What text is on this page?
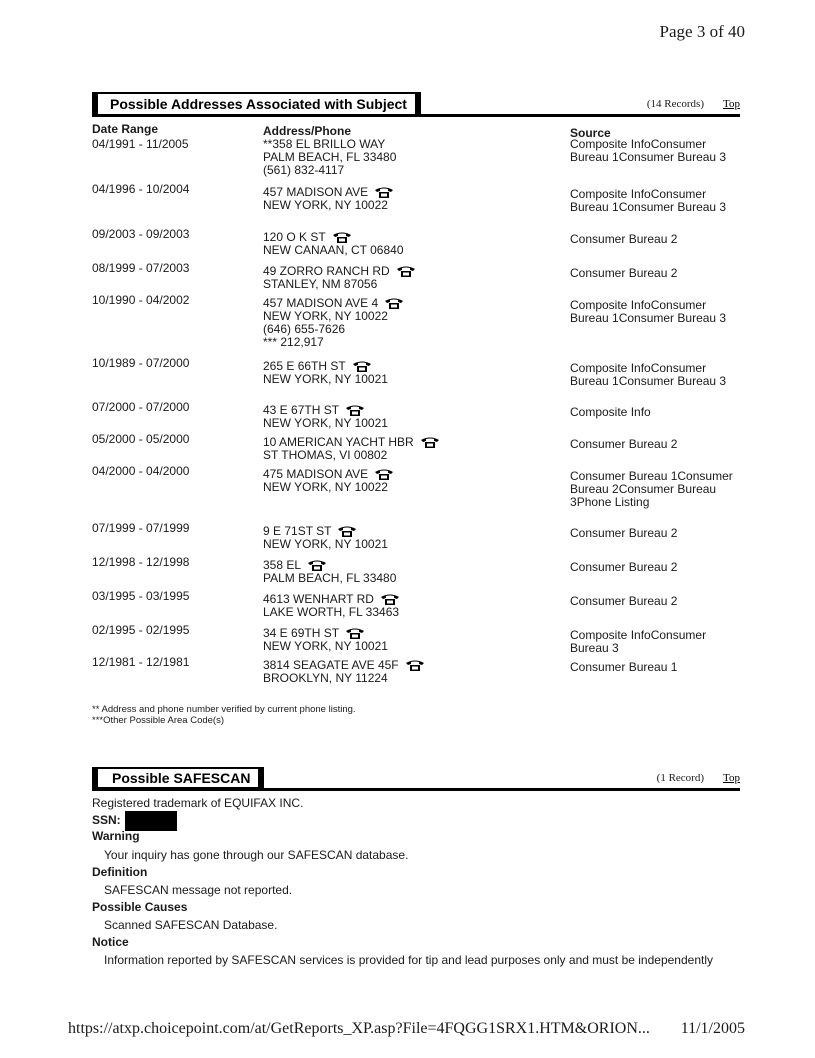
Page 3 of 40
Possible Addresses Associated with Subject	(14 Records) Top
Date Range	Address/Phone	Source
04/1991 - 11/2005	**358 EL BRILLO WAY
PALM BEACH, FL 33480
(561) 832-4117
Composite InfoConsumer Bureau 1Consumer Bureau 3
04/1996 - 10/2004	457 MADISON AVE
NEW YORK, NY 10022
Composite InfoConsumer Bureau 1Consumer Bureau 3
09/2003 - 09/2003	120 O K ST
NEW CANAAN, CT 06840
Consumer Bureau 2
08/1999 - 07/2003	49 ZORRO RANCH RD
STANLEY, NM 87056
Consumer Bureau 2
10/1990 - 04/2002	457 MADISON AVE 4
NEW YORK, NY 10022
(646) 655-7626
*** 212,917
Composite InfoConsumer Bureau 1Consumer Bureau 3
10/1989 - 07/2000	265 E 66TH ST
NEW YORK, NY 10021
Composite InfoConsumer Bureau 1Consumer Bureau 3
07/2000 - 07/2000	43 E 67TH ST
NEW YORK, NY 10021
Composite Info
05/2000 - 05/2000	10 AMERICAN YACHT HBR
ST THOMAS, VI 00802
Consumer Bureau 2
04/2000 - 04/2000	475 MADISON AVE
NEW YORK, NY 10022
Consumer Bureau 1Consumer Bureau 2Consumer Bureau 3Phone Listing
07/1999 - 07/1999	9 E 71ST ST
NEW YORK, NY 10021
Consumer Bureau 2
12/1998 - 12/1998	358 EL
PALM BEACH, FL 33480
Consumer Bureau 2
03/1995 - 03/1995	4613 WENHART RD
LAKE WORTH, FL 33463
Consumer Bureau 2
02/1995 - 02/1995	34 E 69TH ST
NEW YORK, NY 10021
Composite InfoConsumer Bureau 3
12/1981 - 12/1981	3814 SEAGATE AVE 45F
BROOKLYN, NY 11224
Consumer Bureau 1
** Address and phone number verified by current phone listing.
***Other Possible Area Code(s)
Possible SAFESCAN	(1 Record) Top
Registered trademark of EQUIFAX INC.
SSN:
Warning
Your inquiry has gone through our SAFESCAN database.
Definition
SAFESCAN message not reported.
Possible Causes
Scanned SAFESCAN Database.
Notice
Information reported by SAFESCAN services is provided for tip and lead purposes only and must be independently
https://atxp.choicepoint.com/at/GetReports_XP.asp?File=4FQGG1SRX1.HTM&ORION... 11/1/2005
